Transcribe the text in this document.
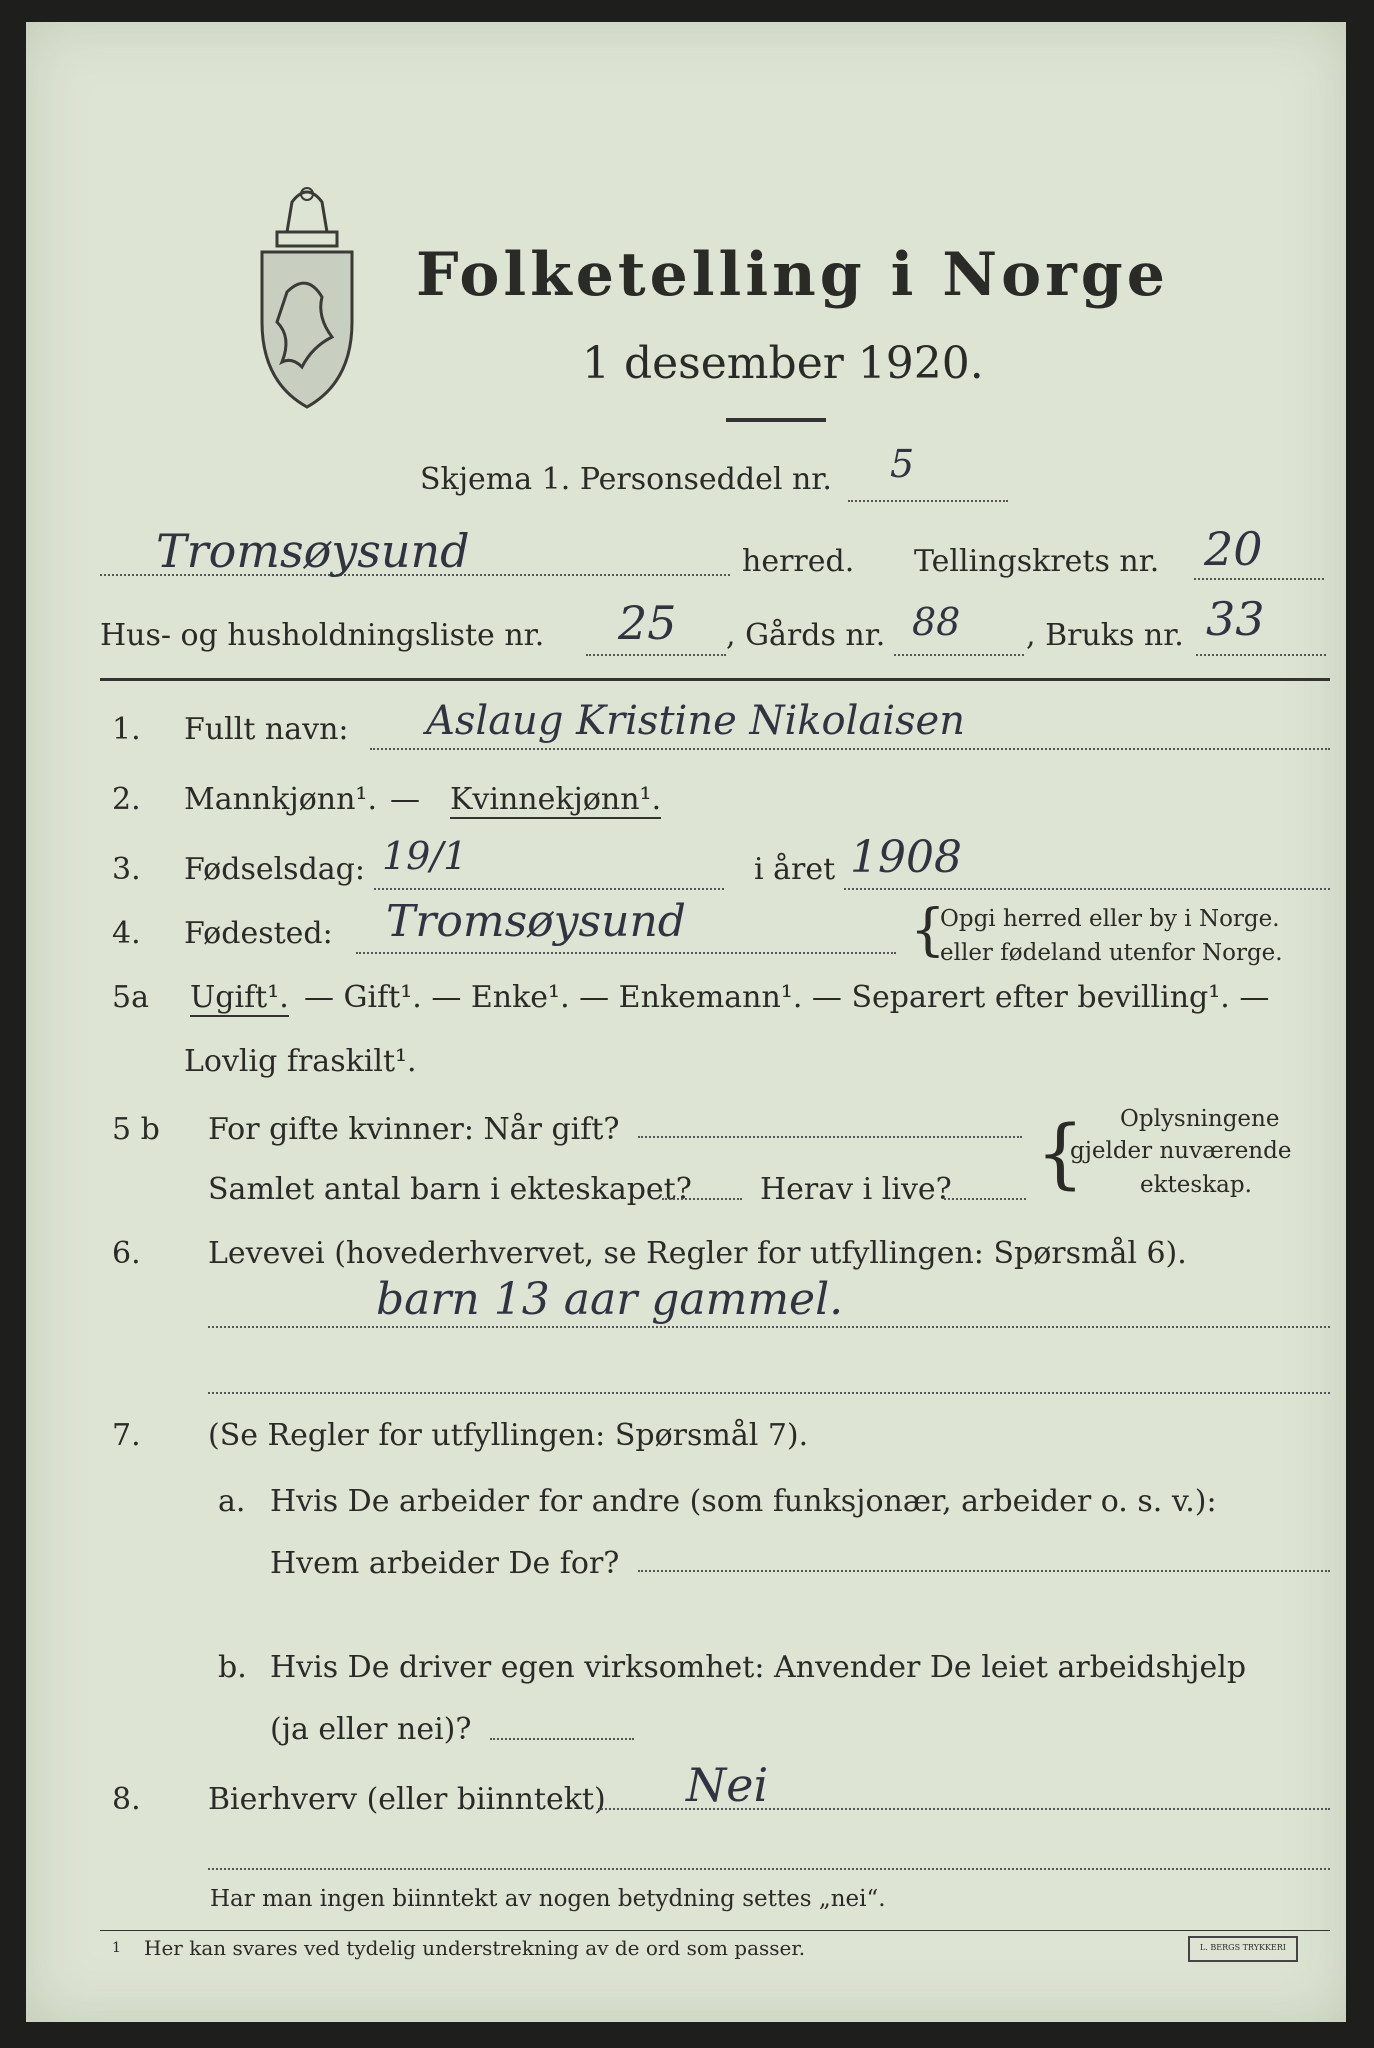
Folketelling i Norge
1 desember 1920.
Skjema 1. Personseddel nr. 5
Tromsøysund	herred. Tellingskrets nr. 20
Hus- og husholdningsliste nr. 25 , Gårds nr. 88 , Bruks nr. 33
1. Fullt navn: Aslaug Kristine Nikolaisen
2. Mannkjønn¹. — Kvinnekjønn¹.
3. Fødselsdag: 19/1	i året 1908
4. Fødested: Tromsøysund	{
Opgi herred eller by i Norge.
eller fødeland utenfor Norge.
5a Ugift¹. — Gift¹. — Enke¹. — Enkemann¹. — Separert efter bevilling¹. —
Lovlig fraskilt¹.
5 b For gifte kvinner: Når gift?
Samlet antal barn i ekteskapet? Herav i live? { Oplysningene
gjelder nuværende
ekteskap.
6. Levevei (hovederhvervet, se Regler for utfyllingen: Spørsmål 6).
barn 13 aar gammel.
7. (Se Regler for utfyllingen: Spørsmål 7).
a. Hvis De arbeider for andre (som funksjonær, arbeider o. s. v.):
Hvem arbeider De for?
b. Hvis De driver egen virksomhet: Anvender De leiet arbeidshjelp
(ja eller nei)?
8. Bierhverv (eller biinntekt) Nei
Har man ingen biinntekt av nogen betydning settes „nei“.
1 Her kan svares ved tydelig understrekning av de ord som passer.	L. BERGS TRYKKERI
